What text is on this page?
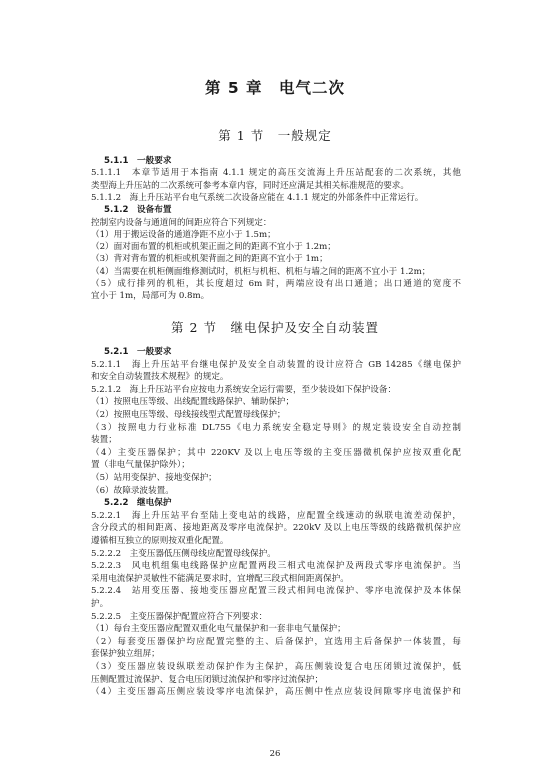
第 5 章　电气二次
第 1 节　一般规定
5.1.1　一般要求
5.1.1.1　本章节适用于本指南 4.1.1 规定的高压交流海上升压站配套的二次系统，其他
类型海上升压站的二次系统可参考本章内容，同时还应满足其相关标准规范的要求。
5.1.1.2　海上升压站平台电气系统二次设备应能在 4.1.1 规定的外部条件中正常运行。
5.1.2　设备布置
控制室内设备与通道间的间距应符合下列规定：
（1）用于搬运设备的通道净距不应小于 1.5m；
（2）面对面布置的机柜或机架正面之间的距离不宜小于 1.2m；
（3）背对背布置的机柜或机架背面之间的距离不宜小于 1m；
（4）当需要在机柜侧面维修测试时，机柜与机柜、机柜与墙之间的距离不宜小于 1.2m；
（5）成行排列的机柜，其长度超过 6m 时，两端应设有出口通道；出口通道的宽度不
宜小于 1m，局部可为 0.8m。
第 2 节　继电保护及安全自动装置
5.2.1　一般要求
5.2.1.1　海上升压站平台继电保护及安全自动装置的设计应符合 GB 14285《继电保护
和安全自动装置技术规程》的规定。
5.2.1.2　海上升压站平台应按电力系统安全运行需要，至少装设如下保护设备：
（1）按照电压等级、出线配置线路保护、辅助保护；
（2）按照电压等级、母线接线型式配置母线保护；
（3）按照电力行业标准 DL755《电力系统安全稳定导则》的规定装设安全自动控制
装置；
（4）主变压器保护；其中 220KV 及以上电压等级的主变压器微机保护应按双重化配
置（非电气量保护除外）；
（5）站用变保护、接地变保护；
（6）故障录波装置。
5.2.2　继电保护
5.2.2.1　海上升压站平台至陆上变电站的线路，应配置全线速动的纵联电流差动保护，
含分段式的相间距离、接地距离及零序电流保护。220kV 及以上电压等级的线路微机保护应
遵循相互独立的原则按双重化配置。
5.2.2.2　主变压器低压侧母线应配置母线保护。
5.2.2.3　风电机组集电线路保护应配置两段三相式电流保护及两段式零序电流保护。当
采用电流保护灵敏性不能满足要求时，宜增配三段式相间距离保护。
5.2.2.4　站用变压器、接地变压器应配置三段式相间电流保护、零序电流保护及本体保
护。
5.2.2.5　主变压器保护配置应符合下列要求：
（1）每台主变压器应配置双重化电气量保护和一套非电气量保护；
（2）每套变压器保护均应配置完整的主、后备保护，宜选用主后备保护一体装置，每
套保护独立组屏；
（3）变压器应装设纵联差动保护作为主保护，高压侧装设复合电压闭锁过流保护，低
压侧配置过流保护、复合电压闭锁过流保护和零序过流保护；
（4）主变压器高压侧应装设零序电流保护，高压侧中性点应装设间隙零序电流保护和
26
